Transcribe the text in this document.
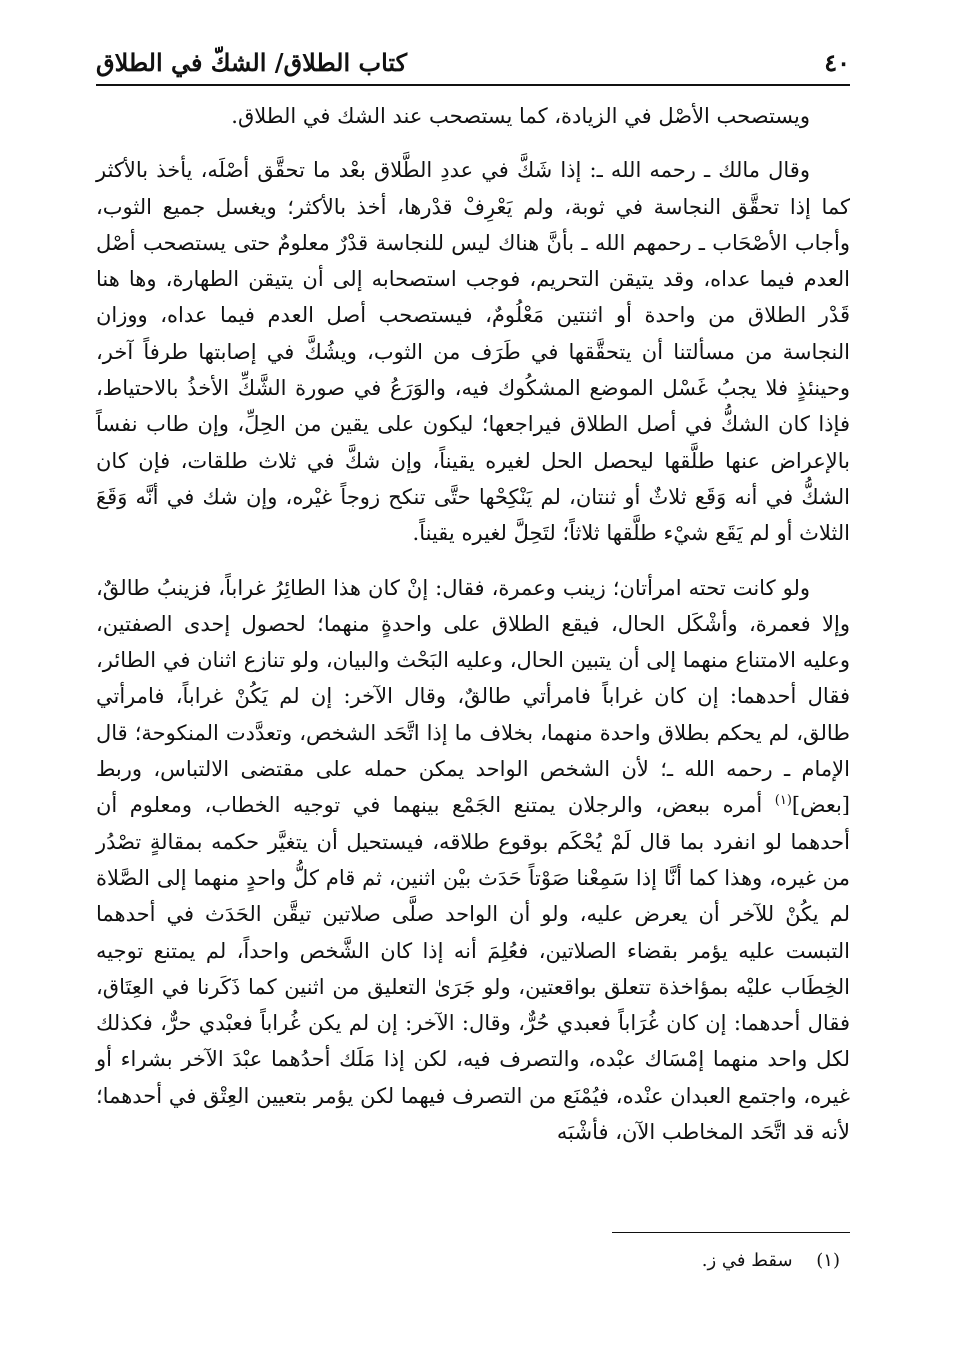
٤٠
كتاب الطلاق/ الشكّ في الطلاق

ويستصحب الأصْل في الزيادة، كما يستصحب عند الشك في الطلاق.

وقال مالك ـ رحمه الله ـ: إذا شَكَّ في عددِ الطَّلاق بعْد ما تحقَّق أصْلَه، يأخذ بالأكثر كما إذا تحقَّق النجاسة في ثوبة، ولم يَعْرِفْ قدْرها، أخذ بالأكثر؛ ويغسل جميع الثوب، وأجاب الأصْحَاب ـ رحمهم الله ـ بأنَّ هناك ليس للنجاسة قدْرٌ معلومٌ حتى يستصحب أصْل العدم فيما عداه، وقد يتيقن التحريم، فوجب استصحابه إلى أن يتيقن الطهارة، وها هنا قَدْر الطلاق من واحدة أو اثنتين مَعْلُومٌ، فيستصحب أصل العدم فيما عداه، ووزان النجاسة من مسألتنا أن يتحقَّقها في طَرَف من الثوب، ويشُكَّ في إصابتها طرفاً آخر، وحينئذٍ فلا يجبُ غَسْل الموضع المشكُوك فيه، والوَرَعُ في صورة الشَّكِّ الأخذُ بالاحتياط، فإذا كان الشكُّ في أصل الطلاق فيراجعها؛ ليكون على يقين من الحِلِّ، وإن طاب نفساً بالإعراض عنها طلَّقها ليحصل الحل لغيره يقيناً، وإن شكَّ في ثلاث طلقات، فإن كان الشكُّ في أنه وَقَع ثلاثٌ أو ثنتان، لم يَنْكِحْها حتَّى تنكح زوجاً غيْره، وإن شك في أنَّه وَقَعَ الثلاث أو لم يَقَع شيْء طلَّقها ثلاثاً؛ لتَحِلَّ لغيره يقيناً.

ولو كانت تحته امرأتان؛ زينب وعمرة، فقال: إنْ كان هذا الطائِرُ غراباً، فزينبُ طالقٌ، وإلا فعمرة، وأشْكَل الحال، فيقع الطلاق على واحدةٍ منهما؛ لحصول إحدى الصفتين، وعليه الامتناع منهما إلى أن يتبين الحال، وعليه البَحْث والبيان، ولو تنازع اثنان في الطائر، فقال أحدهما: إن كان غراباً فامرأتي طالقٌ، وقال الآخر: إن لم يَكُنْ غراباً، فامرأتي طالق، لم يحكم بطلاق واحدة منهما، بخلاف ما إذا اتَّحَد الشخص، وتعدَّدت المنكوحة؛ قال الإمام ـ رحمه الله ـ؛ لأن الشخص الواحد يمكن حمله على مقتضى الالتباس، وربط [بعض]$^{(١)}$ أمره ببعض، والرجلان يمتنع الجَمْع بينهما في توجيه الخطاب، ومعلوم أن أحدهما لو انفرد بما قال لَمْ يُحْكَم بوقوع طلاقه، فيستحيل أن يتغيَّر حكمه بمقالةٍ تصْدُر من غيره، وهذا كما أنَّا إذا سَمِعْنا صَوْتاً حَدَث بيْن اثنين، ثم قام كلُّ واحدٍ منهما إلى الصَّلاة لم يكُنْ للآخر أن يعرض عليه، ولو أن الواحد صلَّى صلاتين تيقَّن الحَدَث في أحدهما التبست عليه يؤمر بقضاء الصلاتين، فعُلِمَ أنه إذا كان الشَّخص واحداً، لم يمتنع توجيه الخِطَاب عليْه بمؤاخذة تتعلق بواقعتين، ولو جَرَىٰ التعليق من اثنين كما ذَكَرنا في العِتَاق، فقال أحدهما: إن كان غُرَاباً فعبدي حُرٌّ، وقال: الآخر: إن لم يكن غُراباً فعبْدي حرٌّ، فكذلك لكل واحد منهما إمْسَاك عبْده، والتصرف فيه، لكن إذا مَلَك أحدُهما عبْدَ الآخر بشراء أو غيره، واجتمع العبدان عنْده، فيُمْنَع من التصرف فيهما لكن يؤمر بتعيين العِتْق في أحدهما؛ لأنه قد اتَّحَد المخاطب الآن، فأشْبَه

(١) سقط في ز.
